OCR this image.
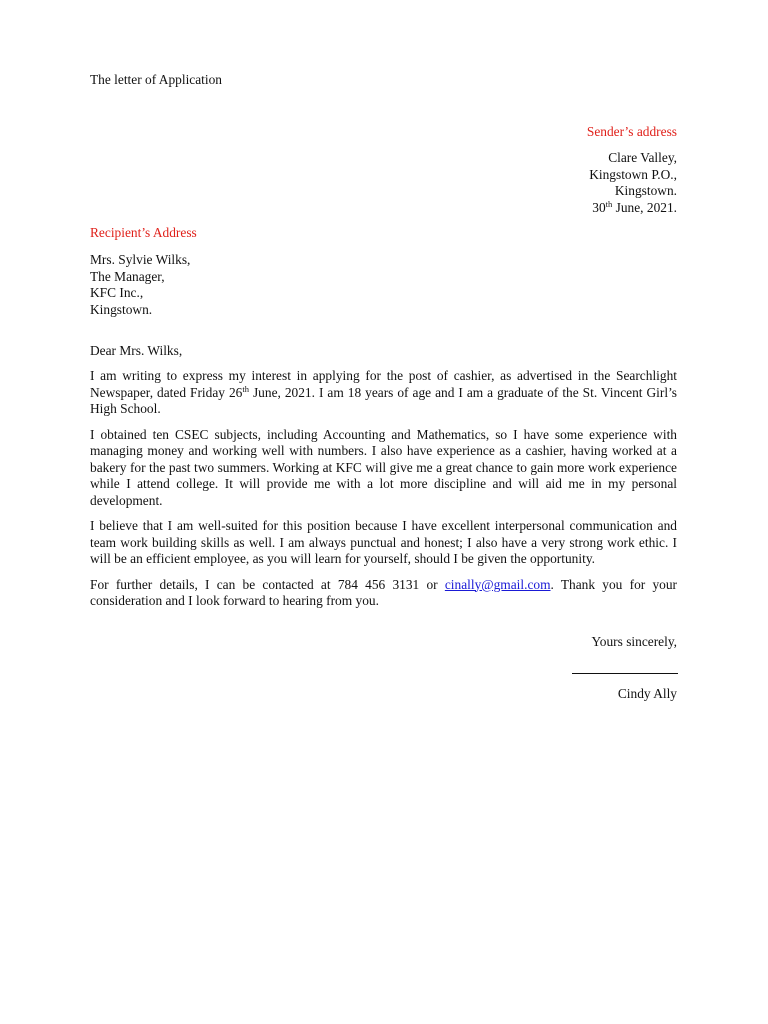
The letter of Application
Sender’s address
Clare Valley,
Kingstown P.O.,
Kingstown.
30th June, 2021.
Recipient’s Address
Mrs. Sylvie Wilks,
The Manager,
KFC Inc.,
Kingstown.
Dear Mrs. Wilks,

I am writing to express my interest in applying for the post of cashier, as advertised in the Searchlight Newspaper, dated Friday 26th June, 2021. I am 18 years of age and I am a graduate of the St. Vincent Girl’s High School.

I obtained ten CSEC subjects, including Accounting and Mathematics, so I have some experience with managing money and working well with numbers. I also have experience as a cashier, having worked at a bakery for the past two summers. Working at KFC will give me a great chance to gain more work experience while I attend college. It will provide me with a lot more discipline and will aid me in my personal development.

I believe that I am well-suited for this position because I have excellent interpersonal communication and team work building skills as well. I am always punctual and honest; I also have a very strong work ethic. I will be an efficient employee, as you will learn for yourself, should I be given the opportunity.

For further details, I can be contacted at 784 456 3131 or cinally@gmail.com. Thank you for your consideration and I look forward to hearing from you.

Yours sincerely,
Cindy Ally
